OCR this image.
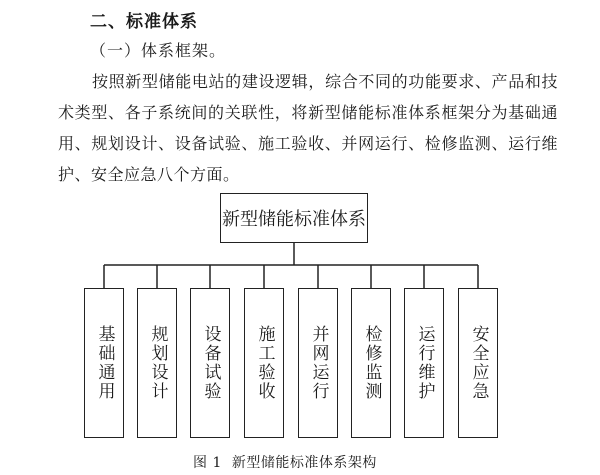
二、标准体系
（一）体系框架。
按照新型储能电站的建设逻辑，综合不同的功能要求、产品和技术类型、各子系统间的关联性，将新型储能标准体系框架分为基础通用、规划设计、设备试验、施工验收、并网运行、检修监测、运行维护、安全应急八个方面。
新型储能标准体系
基础通用 规划设计 设备试验 施工验收 并网运行 检修监测 运行维护 安全应急
图 1 新型储能标准体系架构
